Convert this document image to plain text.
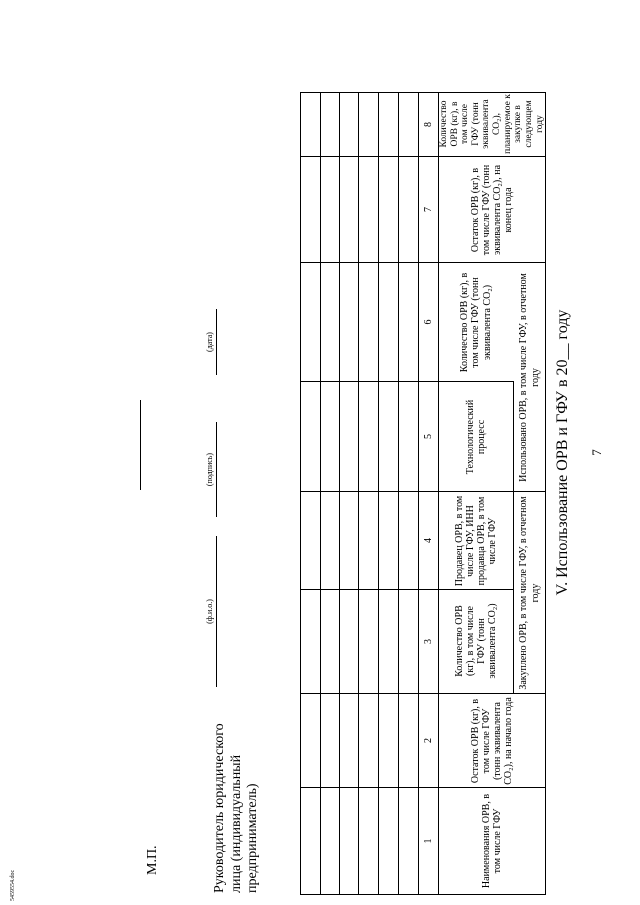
7
V. Использование ОРВ и ГФУ в 20__ году
Наименования ОРВ, в том числе ГФУ
Остаток ОРВ (кг), в том числе ГФУ (тонн эквивалента CO₂), на начало года
Закуплено ОРВ, в том числе ГФУ, в отчетном году
Количество ОРВ (кг), в том числе ГФУ (тонн эквивалента CO₂)
Продавец ОРВ, в том числе ГФУ, ИНН продавца ОРВ, в том числе ГФУ
Использовано ОРВ, в том числе ГФУ, в отчетном году
Технологический процесс
Количество ОРВ (кг), в том числе ГФУ (тонн эквивалента CO₂)
Остаток ОРВ (кг), в том числе ГФУ (тонн эквивалента CO₂), на конец года
Количество ОРВ (кг), в том числе ГФУ (тонн эквивалента CO₂), планируемое к закупке в следующем году
1
2
3
4
5
6
7
8
Руководитель юридического лица (индивидуальный предприниматель)
(ф.и.о.)
(подпись)
(дата)
М.П.
5459554.doc
